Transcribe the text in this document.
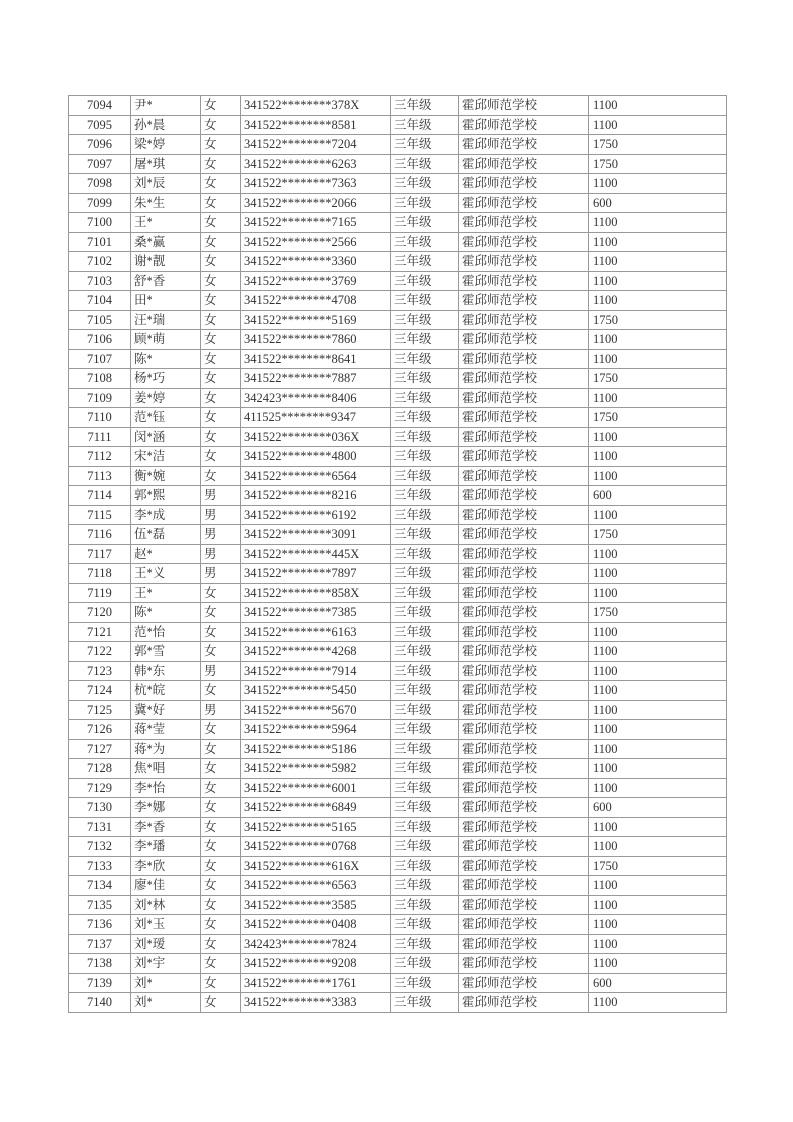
7094	尹*	女	341522********378X	三年级	霍邱师范学校	1100
7095	孙*晨	女	341522********8581	三年级	霍邱师范学校	1100
7096	梁*婷	女	341522********7204	三年级	霍邱师范学校	1750
7097	屠*琪	女	341522********6263	三年级	霍邱师范学校	1750
7098	刘*辰	女	341522********7363	三年级	霍邱师范学校	1100
7099	朱*生	女	341522********2066	三年级	霍邱师范学校	600
7100	王*	女	341522********7165	三年级	霍邱师范学校	1100
7101	桑*赢	女	341522********2566	三年级	霍邱师范学校	1100
7102	谢*靓	女	341522********3360	三年级	霍邱师范学校	1100
7103	舒*香	女	341522********3769	三年级	霍邱师范学校	1100
7104	田*	女	341522********4708	三年级	霍邱师范学校	1100
7105	汪*瑞	女	341522********5169	三年级	霍邱师范学校	1750
7106	顾*萌	女	341522********7860	三年级	霍邱师范学校	1100
7107	陈*	女	341522********8641	三年级	霍邱师范学校	1100
7108	杨*巧	女	341522********7887	三年级	霍邱师范学校	1750
7109	姜*婷	女	342423********8406	三年级	霍邱师范学校	1100
7110	范*钰	女	411525********9347	三年级	霍邱师范学校	1750
7111	闵*涵	女	341522********036X	三年级	霍邱师范学校	1100
7112	宋*洁	女	341522********4800	三年级	霍邱师范学校	1100
7113	衡*婉	女	341522********6564	三年级	霍邱师范学校	1100
7114	郭*熙	男	341522********8216	三年级	霍邱师范学校	600
7115	李*成	男	341522********6192	三年级	霍邱师范学校	1100
7116	伍*磊	男	341522********3091	三年级	霍邱师范学校	1750
7117	赵*	男	341522********445X	三年级	霍邱师范学校	1100
7118	王*义	男	341522********7897	三年级	霍邱师范学校	1100
7119	王*	女	341522********858X	三年级	霍邱师范学校	1100
7120	陈*	女	341522********7385	三年级	霍邱师范学校	1750
7121	范*怡	女	341522********6163	三年级	霍邱师范学校	1100
7122	郭*雪	女	341522********4268	三年级	霍邱师范学校	1100
7123	韩*东	男	341522********7914	三年级	霍邱师范学校	1100
7124	杭*皖	女	341522********5450	三年级	霍邱师范学校	1100
7125	冀*好	男	341522********5670	三年级	霍邱师范学校	1100
7126	蒋*莹	女	341522********5964	三年级	霍邱师范学校	1100
7127	蒋*为	女	341522********5186	三年级	霍邱师范学校	1100
7128	焦*唱	女	341522********5982	三年级	霍邱师范学校	1100
7129	李*怡	女	341522********6001	三年级	霍邱师范学校	1100
7130	李*娜	女	341522********6849	三年级	霍邱师范学校	600
7131	李*香	女	341522********5165	三年级	霍邱师范学校	1100
7132	李*璠	女	341522********0768	三年级	霍邱师范学校	1100
7133	李*欣	女	341522********616X	三年级	霍邱师范学校	1750
7134	廖*佳	女	341522********6563	三年级	霍邱师范学校	1100
7135	刘*林	女	341522********3585	三年级	霍邱师范学校	1100
7136	刘*玉	女	341522********0408	三年级	霍邱师范学校	1100
7137	刘*瑷	女	342423********7824	三年级	霍邱师范学校	1100
7138	刘*宇	女	341522********9208	三年级	霍邱师范学校	1100
7139	刘*	女	341522********1761	三年级	霍邱师范学校	600
7140	刘*	女	341522********3383	三年级	霍邱师范学校	1100
